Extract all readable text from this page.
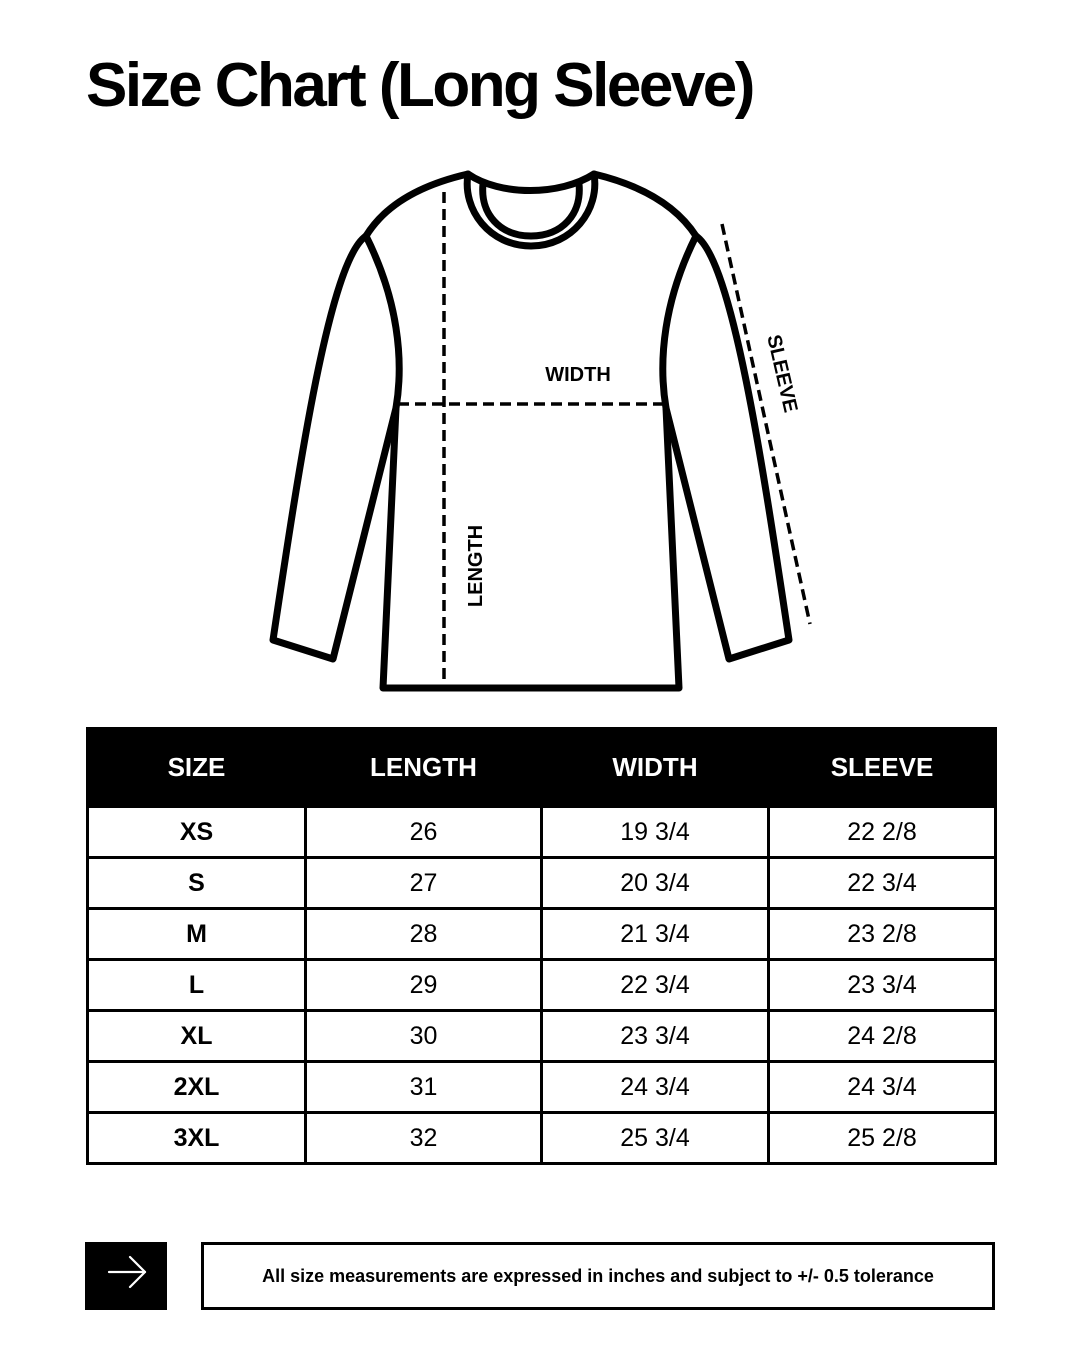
Size Chart (Long Sleeve)
WIDTH
LENGTH
SLEEVE
SIZE	LENGTH	WIDTH	SLEEVE
XS	26	19 3/4	22 2/8
S	27	20 3/4	22 3/4
M	28	21 3/4	23 2/8
L	29	22 3/4	23 3/4
XL	30	23 3/4	24 2/8
2XL	31	24 3/4	24 3/4
3XL	32	25 3/4	25 2/8
All size measurements are expressed in inches and subject to +/- 0.5 tolerance
